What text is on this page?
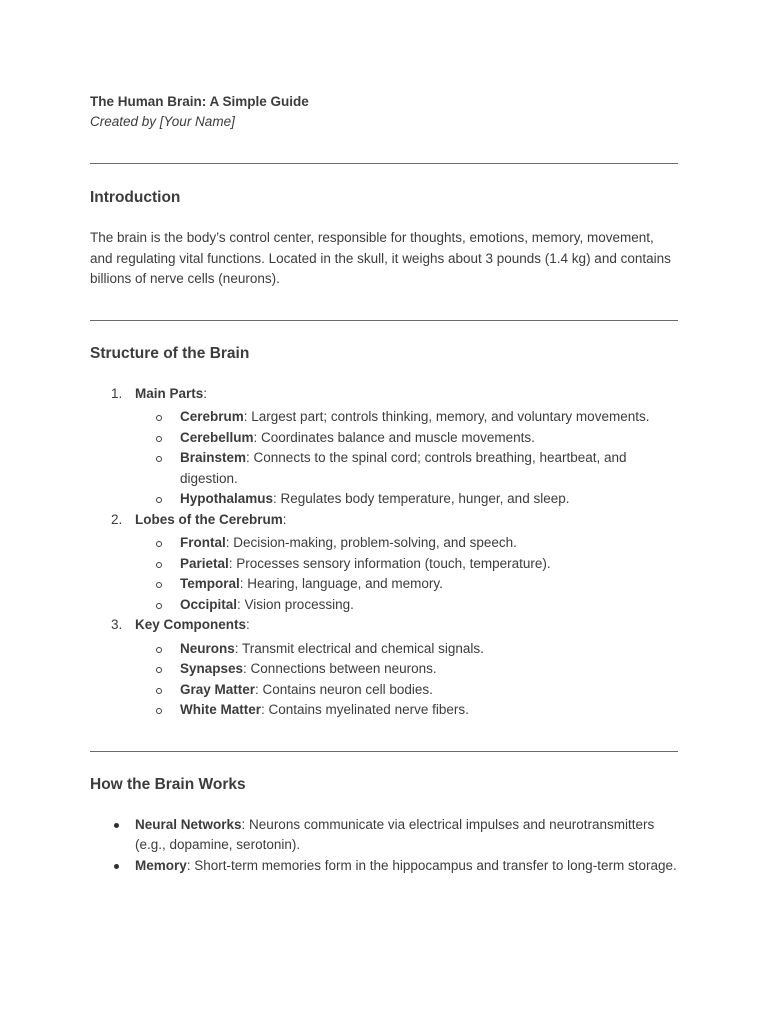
The Human Brain: A Simple Guide

Created by [Your Name]

Introduction

The brain is the body’s control center, responsible for thoughts, emotions, memory, movement, and regulating vital functions. Located in the skull, it weighs about 3 pounds (1.4 kg) and contains billions of nerve cells (neurons).

Structure of the Brain
1. Main Parts:
Cerebrum: Largest part; controls thinking, memory, and voluntary movements.
Cerebellum: Coordinates balance and muscle movements.
Brainstem: Connects to the spinal cord; controls breathing, heartbeat, and digestion.
Hypothalamus: Regulates body temperature, hunger, and sleep.
2. Lobes of the Cerebrum:
Frontal: Decision-making, problem-solving, and speech.
Parietal: Processes sensory information (touch, temperature).
Temporal: Hearing, language, and memory.
Occipital: Vision processing.
3. Key Components:
Neurons: Transmit electrical and chemical signals.
Synapses: Connections between neurons.
Gray Matter: Contains neuron cell bodies.
White Matter: Contains myelinated nerve fibers.
How the Brain Works
Neural Networks: Neurons communicate via electrical impulses and neurotransmitters (e.g., dopamine, serotonin).
Memory: Short-term memories form in the hippocampus and transfer to long-term storage.
